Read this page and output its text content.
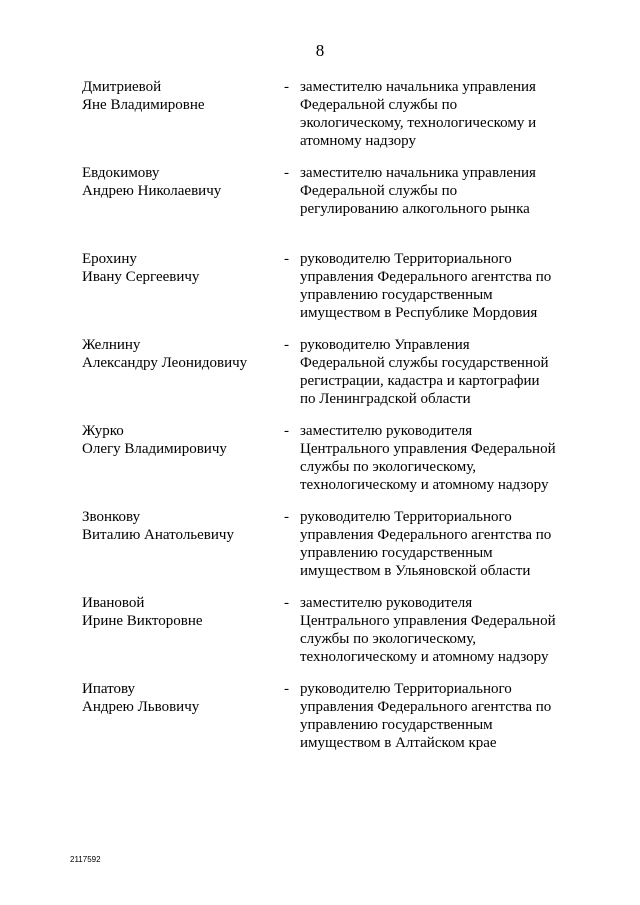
8
Дмитриевой
Яне Владимировне
- заместителю начальника управления
Федеральной службы по
экологическому, технологическому и
атомному надзору
Евдокимову
Андрею Николаевичу
- заместителю начальника управления
Федеральной службы по
регулированию алкогольного рынка
Ерохину
Ивану Сергеевичу
- руководителю Территориального
управления Федерального агентства по
управлению государственным
имуществом в Республике Мордовия
Желнину
Александру Леонидовичу
- руководителю Управления
Федеральной службы государственной
регистрации, кадастра и картографии
по Ленинградской области
Журко
Олегу Владимировичу
- заместителю руководителя
Центрального управления Федеральной
службы по экологическому,
технологическому и атомному надзору
Звонкову
Виталию Анатольевичу
- руководителю Территориального
управления Федерального агентства по
управлению государственным
имуществом в Ульяновской области
Ивановой
Ирине Викторовне
- заместителю руководителя
Центрального управления Федеральной
службы по экологическому,
технологическому и атомному надзору
Ипатову
Андрею Львовичу
- руководителю Территориального
управления Федерального агентства по
управлению государственным
имуществом в Алтайском крае
2117592
